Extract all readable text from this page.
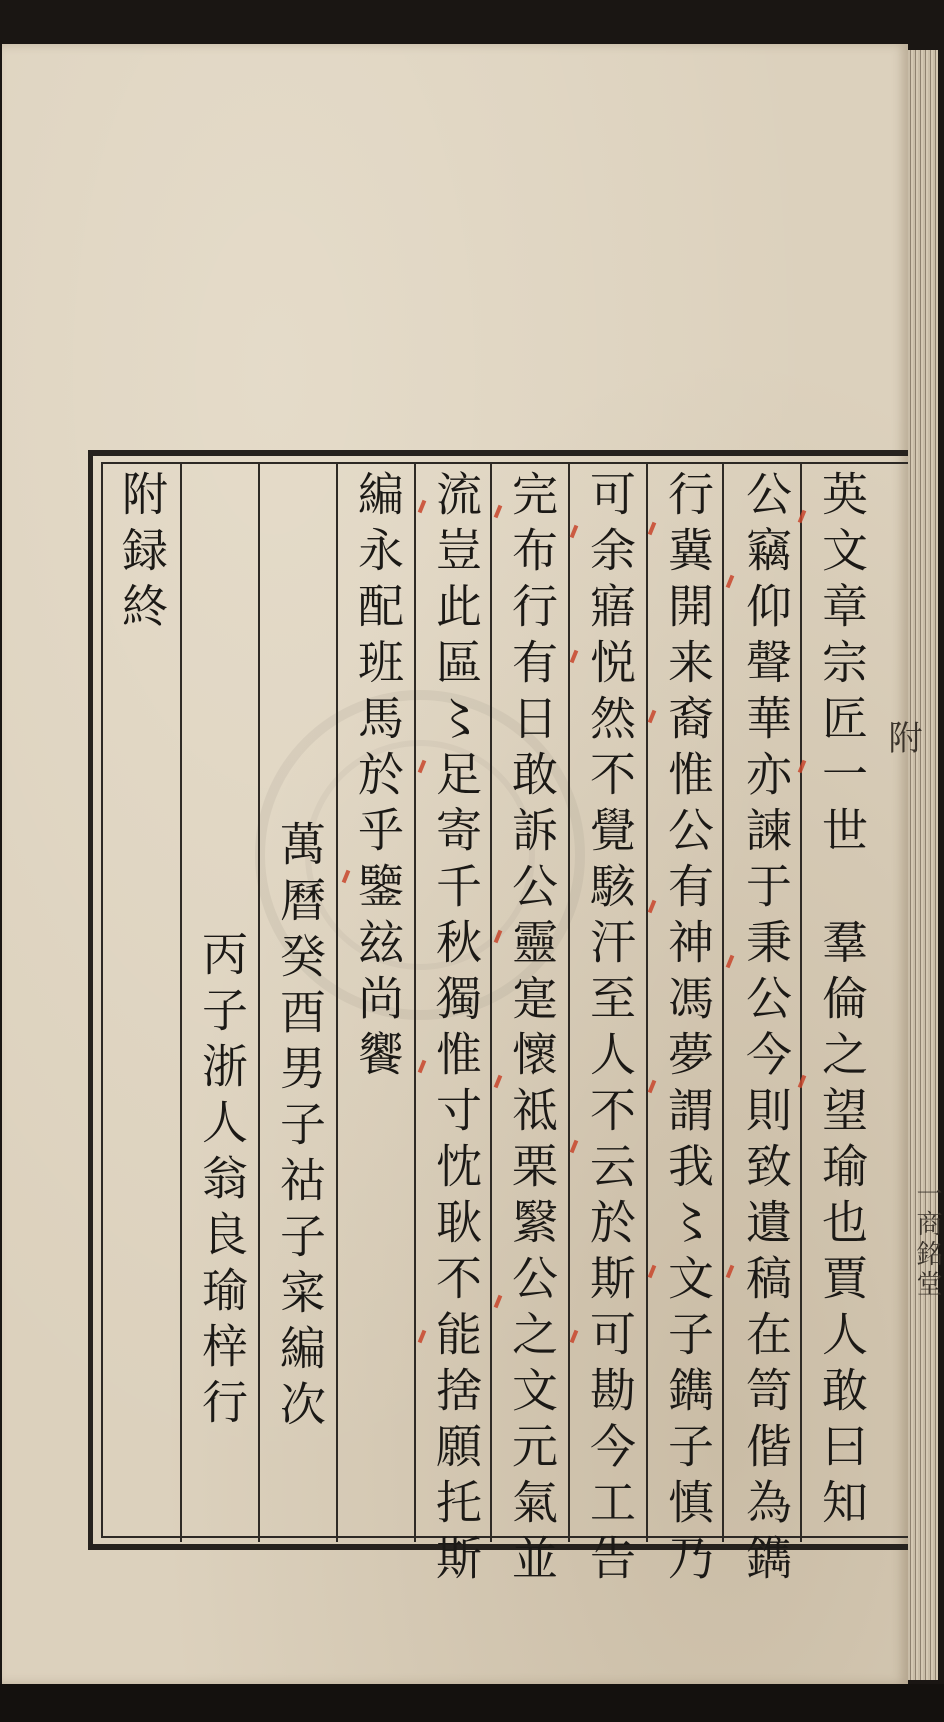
英文章宗匠一世　羣倫之望瑜也賈人敢曰知
公竊仰聲華亦諫于秉公今則致遺稿在笥偕為鐫
行冀開来裔惟公有神馮夢謂我〻文子鐫子慎乃
可余寤悦然不覺駭汗至人不云於斯可勘今工告
完布行有日敢訴公靈寔懷祗栗繄公之文元氣並
流豈此區〻足寄千秋獨惟寸忱耿不能捨願托斯
編永配班馬於乎鑒玆尚饗
萬曆癸酉男子祜子寀編次
丙子浙人翁良瑜梓行
附録終
附
一商銘堂
